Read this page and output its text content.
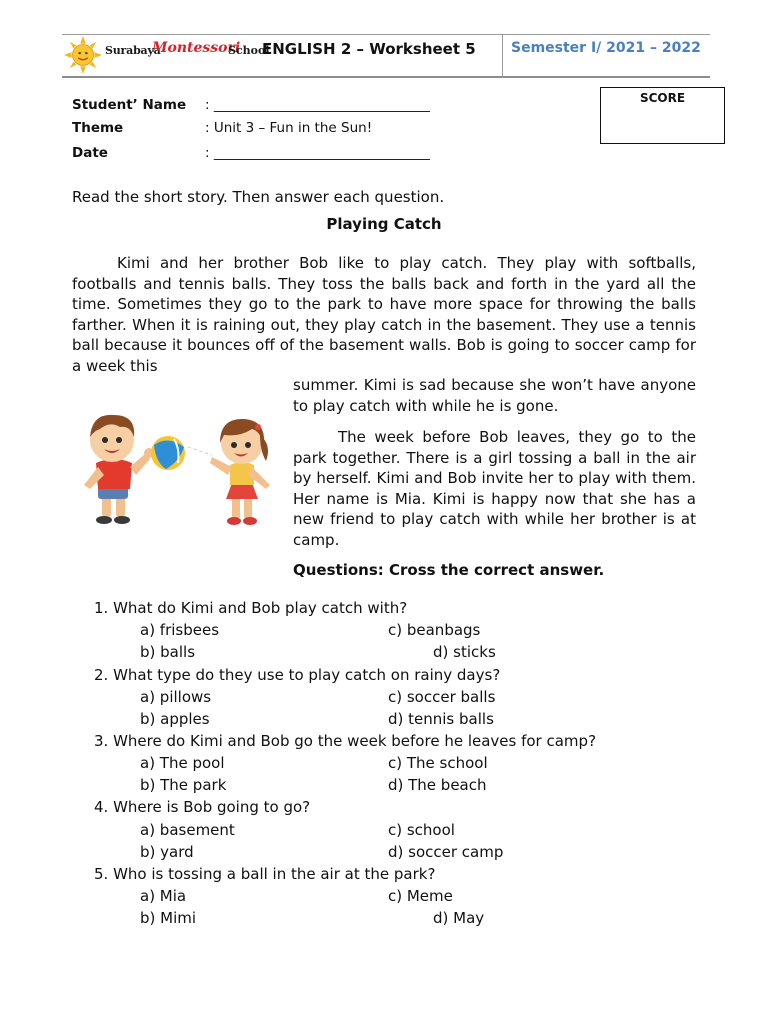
Surabaya
Montessori
School
ENGLISH 2 – Worksheet 5	Semester I/ 2021 – 2022
Student’ Name : ________________________________
Theme	: Unit 3 – Fun in the Sun!
Date	: ________________________________
SCORE
Read the short story. Then answer each question.
Playing Catch

Kimi and her brother Bob like to play catch. They play with softballs, footballs and tennis balls. They toss the balls back and forth in the yard all the time. Sometimes they go to the park to have more space for throwing the balls farther. When it is raining out, they play catch in the basement. They use a tennis ball because it bounces off of the basement walls. Bob is going to soccer camp for a week this

summer. Kimi is sad because she won’t have anyone to play catch with while he is gone.

The week before Bob leaves, they go to the park together. There is a girl tossing a ball in the air by herself. Kimi and Bob invite her to play with them. Her name is Mia. Kimi is happy now that she has a new friend to play catch with while her brother is at camp.

Questions: Cross the correct answer.
1. What do Kimi and Bob play catch with?
a) frisbees	c) beanbags
b) balls	d) sticks
2. What type do they use to play catch on rainy days?
a) pillows	c) soccer balls
b) apples	d) tennis balls
3. Where do Kimi and Bob go the week before he leaves for camp?
a) The pool	c) The school
b) The park	d) The beach
4. Where is Bob going to go?
a) basement	c) school
b) yard	d) soccer camp
5. Who is tossing a ball in the air at the park?
a) Mia	c) Meme
b) Mimi	d) May
